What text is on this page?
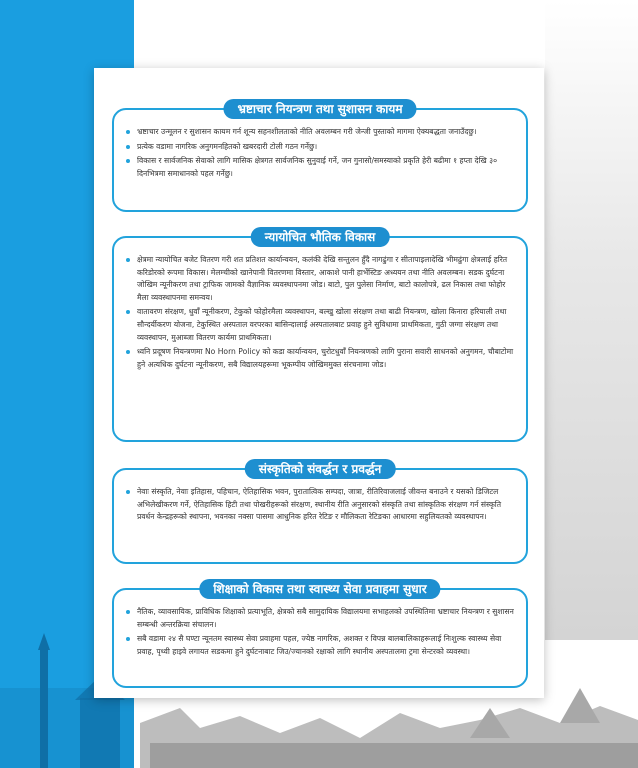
भ्रष्टाचार नियन्त्रण तथा सुशासन कायम
भ्रष्टाचार उन्मूलन र सुशासन कायम गर्न शून्य सहनशीलताको नीति अवलम्बन गरी जेन्जी पुस्ताको मागमा ऐक्यबद्धता जनाउँदछु।
प्रत्येक वडामा नागरिक अनुगमनहितको खबरदारी टोली गठन गर्नेछु।
विकास र सार्वजनिक सेवाको लागि मासिक क्षेत्रगत सार्वजनिक सुनुवाई गर्ने, जन गुनासो/समस्याको प्रकृति हेरी बढीमा १ हप्ता देखि ३० दिनभित्रमा समाधानको पहल गर्नेछु।
न्यायोचित भौतिक विकास
क्षेत्रमा न्यायोचित बजेट वितरण गरी शत प्रतिशत कार्यान्वयन, कलंकी देखि सन्तुलन हुँदै नागढुंगा र सीतापाइलादेखि भीमढुंगा क्षेत्रलाई हरित करिडोरको रूपमा विकास। मेलम्चीको खानेपानी वितरणमा विस्तार, आकाशे पानी हार्भेस्टिङ अध्ययन तथा नीति अवलम्बन। सडक दुर्घटना जोखिम न्यूनीकरण तथा ट्राफिक जामको वैज्ञानिक व्यवस्थापनमा जोड। बाटो, पुल पुलेसा निर्माण, बाटो कालोपत्रे, ढल निकास तथा फोहोर मैला व्यवस्थापनमा समन्वय।
वातावरण संरक्षण, धुवाँ न्यूनीकरण, टेकुको फोहोरमैला व्यवस्थापन, बल्खु खोला संरक्षण तथा बाढी नियन्त्रण, खोला किनारा हरियाली तथा सौन्दर्यीकरण योजना, टेकुस्थित अस्पताल वरपरका बासिन्दालाई अस्पतालबाट प्रवाह हुने सुविधामा प्राथमिकता, गुठी जग्गा संरक्षण तथा व्यवस्थापन, मुआब्जा वितरण कार्यमा प्राथमिकता।
ध्वनि प्रदूषण नियन्त्रणमा No Horn Policy को कडा कार्यान्वयन, चुरोटधुवाँ नियन्त्रणको लागि पुराना सवारी साधनको अनुगमन, चौबाटोमा हुने अत्यधिक दुर्घटना न्यूनीकरण, सबै विद्यालयहरूमा भूकम्पीय जोखिममुक्त संरचनामा जोड।
संस्कृतिको संवर्द्धन र प्रवर्द्धन
नेवाः संस्कृति, नेवाः इतिहास, पहिचान, ऐतिहासिक भवन, पुरातात्विक सम्पदा, जात्रा, रीतिरिवाजलाई जीवन्त बनाउने र यसको डिजिटल अभिलेखीकरण गर्ने, ऐतिहासिक हिटी तथा पोखरीहरूको संरक्षण, स्थानीय रीति अनुसारको संस्कृति तथा सांस्कृतिक संरक्षण गर्न संस्कृति प्रवर्धन केन्द्रहरूको स्थापना, भवनका नक्सा पासमा आधुनिक हरित रेटिङ र मौलिकता रेटिङका आधारमा सहुलियतको व्यवस्थापन।
शिक्षाको विकास तथा स्वास्थ्य सेवा प्रवाहमा सुधार
नैतिक, व्यावसायिक, प्राविधिक शिक्षाको प्रत्याभूति, क्षेत्रको सबै सामुदायिक विद्यालयमा सभाहलको उपस्थितिमा भ्रष्टाचार नियन्त्रण र सुशासन सम्बन्धी अन्तरक्रिया संचालन।
सबै वडामा २४ सै घण्टा न्यूनतम स्वास्थ्य सेवा प्रवाहमा पहल, ज्येष्ठ नागरिक, अशक्त र विपन्न बालबालिकाहरूलाई निःशुल्क स्वास्थ्य सेवा प्रवाह, पृथ्वी हाइवे लगायत सडकमा हुने दुर्घटनाबाट जिउ/ज्यानको रक्षाको लागि स्थानीय अस्पतालमा ट्रमा सेन्टरको व्यवस्था।
